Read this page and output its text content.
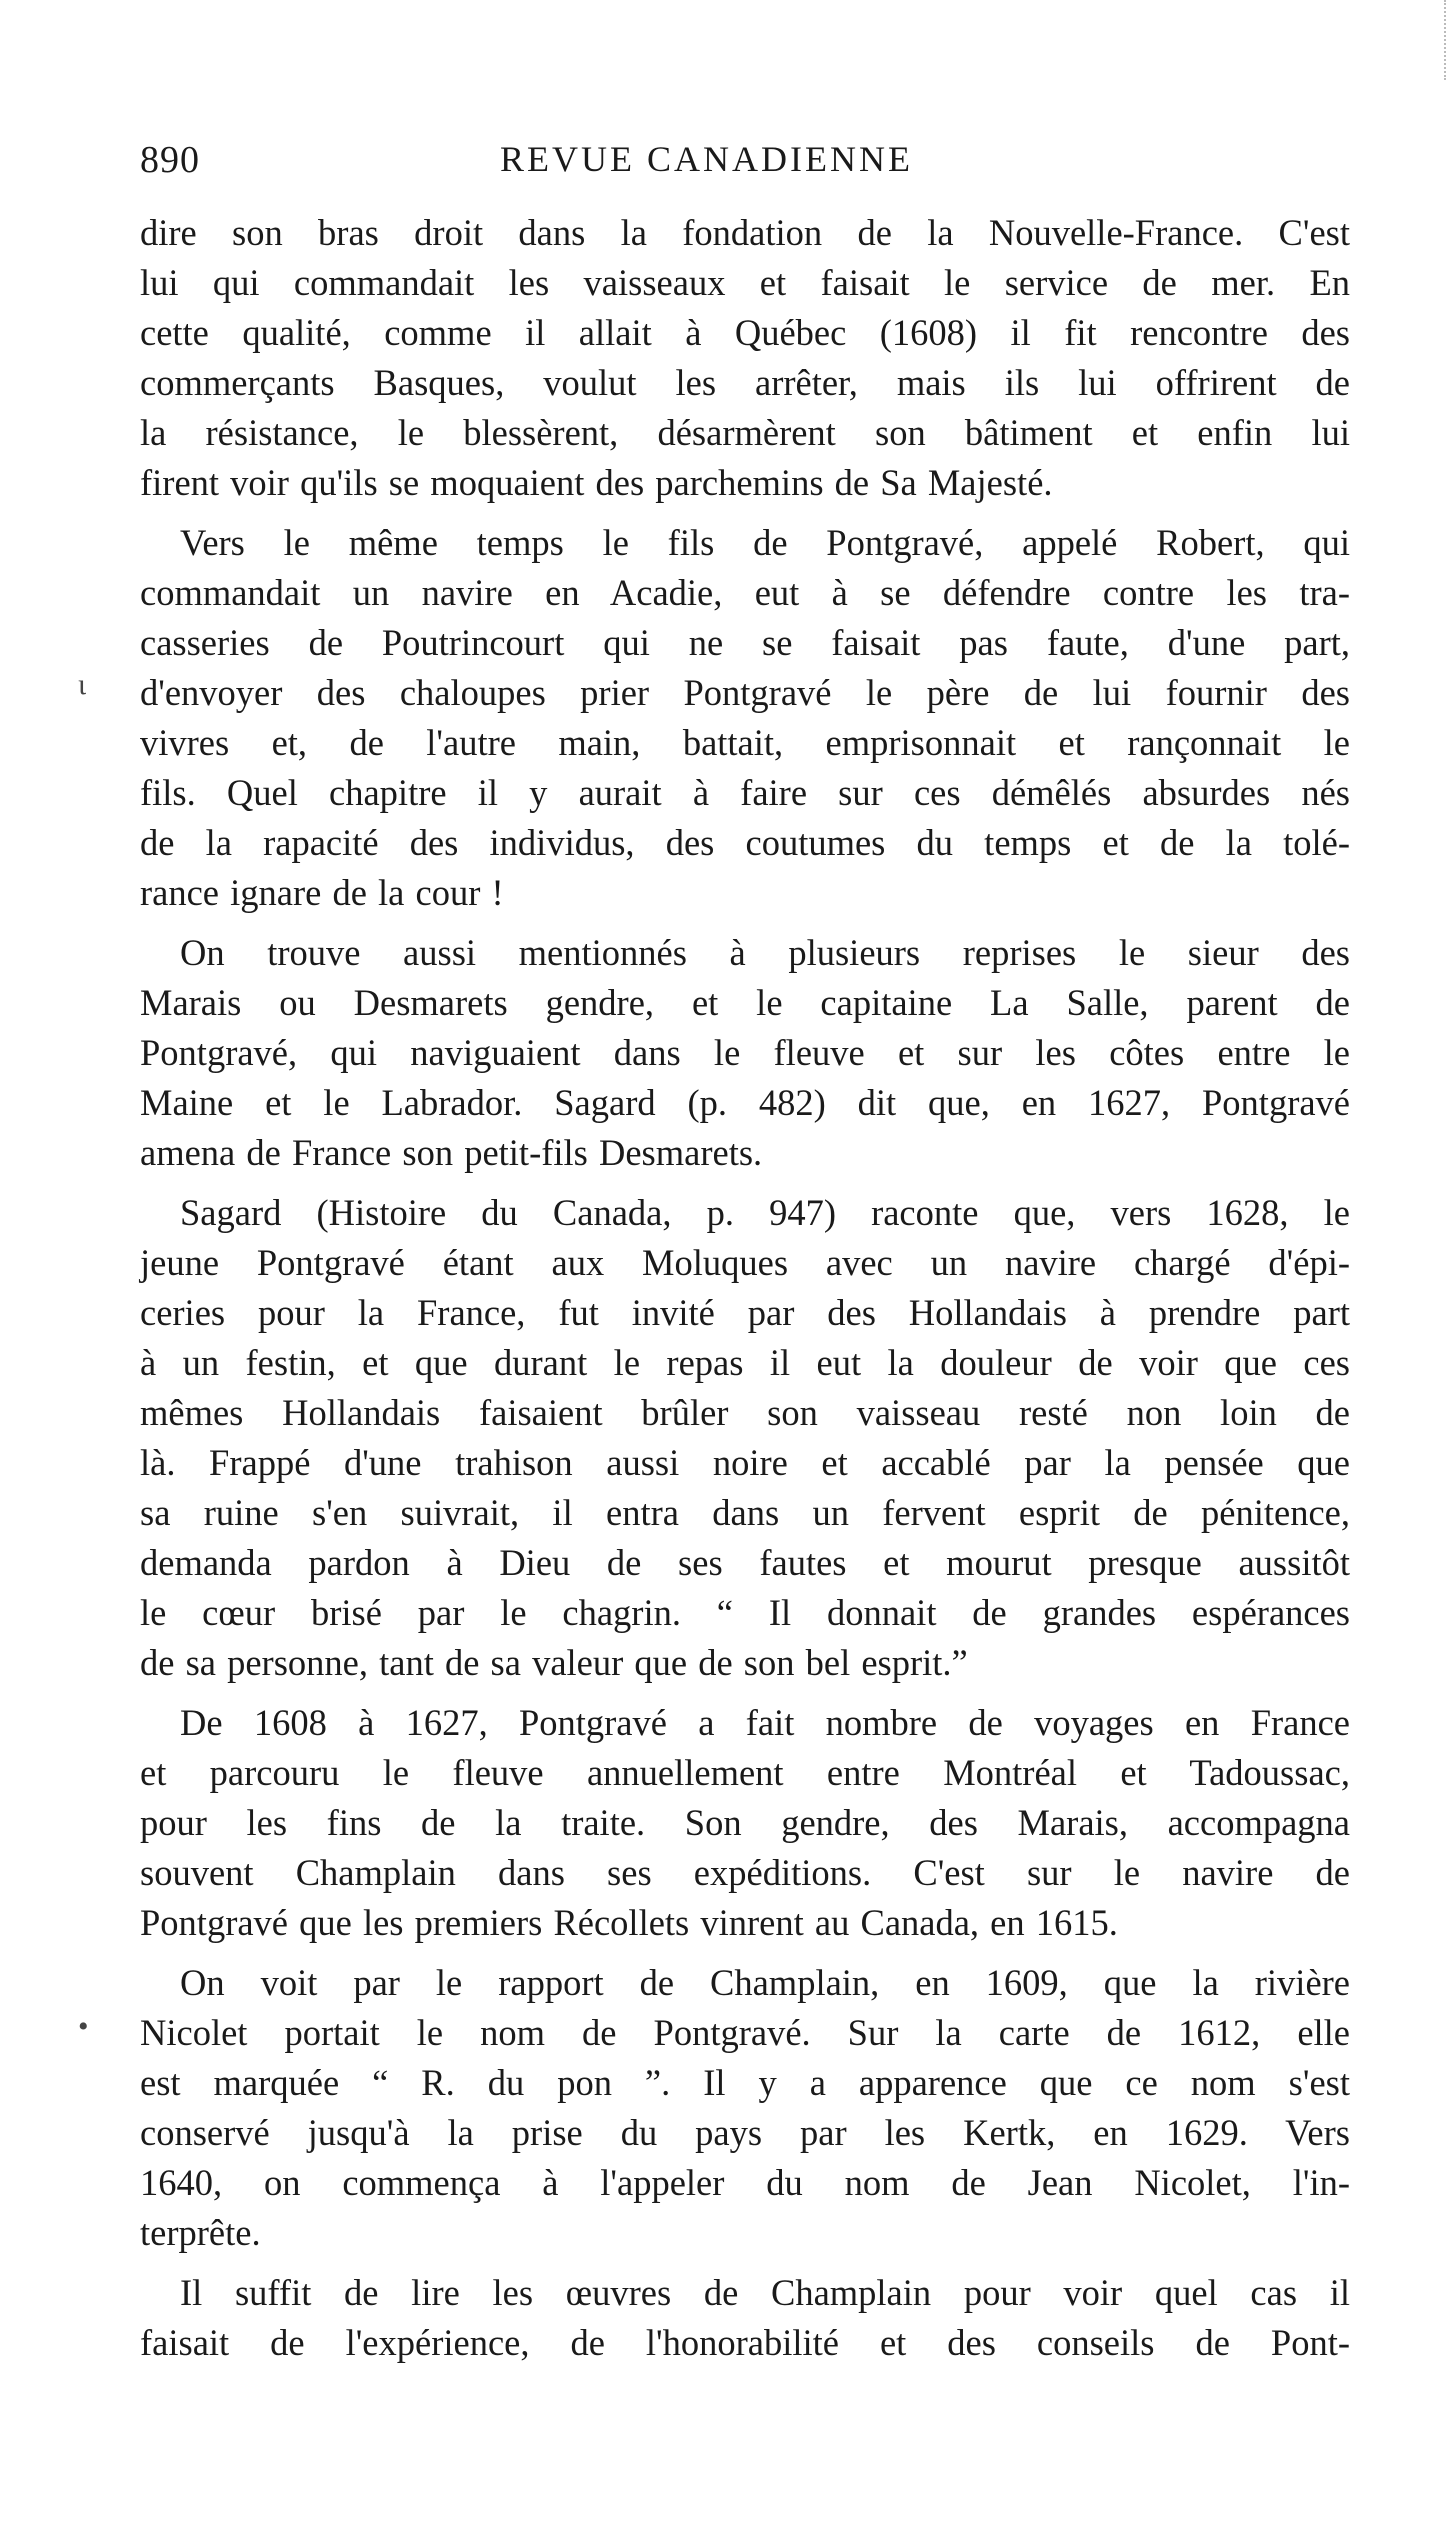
890	REVUE CANADIENNE
ι
•
dire son bras droit dans la fondation de la Nouvelle-France. C'est
lui qui commandait les vaisseaux et faisait le service de mer. En
cette qualité, comme il allait à Québec (1608) il fit rencontre des
commerçants Basques, voulut les arrêter, mais ils lui offrirent de
la résistance, le blessèrent, désarmèrent son bâtiment et enfin lui
firent voir qu'ils se moquaient des parchemins de Sa Majesté.
Vers le même temps le fils de Pontgravé, appelé Robert, qui
commandait un navire en Acadie, eut à se défendre contre les tra-
casseries de Poutrincourt qui ne se faisait pas faute, d'une part,
d'envoyer des chaloupes prier Pontgravé le père de lui fournir des
vivres et, de l'autre main, battait, emprisonnait et rançonnait le
fils. Quel chapitre il y aurait à faire sur ces démêlés absurdes nés
de la rapacité des individus, des coutumes du temps et de la tolé-
rance ignare de la cour !
On trouve aussi mentionnés à plusieurs reprises le sieur des
Marais ou Desmarets gendre, et le capitaine La Salle, parent de
Pontgravé, qui naviguaient dans le fleuve et sur les côtes entre le
Maine et le Labrador. Sagard (p. 482) dit que, en 1627, Pontgravé
amena de France son petit-fils Desmarets.
Sagard (Histoire du Canada, p. 947) raconte que, vers 1628, le
jeune Pontgravé étant aux Moluques avec un navire chargé d'épi-
ceries pour la France, fut invité par des Hollandais à prendre part
à un festin, et que durant le repas il eut la douleur de voir que ces
mêmes Hollandais faisaient brûler son vaisseau resté non loin de
là. Frappé d'une trahison aussi noire et accablé par la pensée que
sa ruine s'en suivrait, il entra dans un fervent esprit de pénitence,
demanda pardon à Dieu de ses fautes et mourut presque aussitôt
le cœur brisé par le chagrin. “ Il donnait de grandes espérances
de sa personne, tant de sa valeur que de son bel esprit.”
De 1608 à 1627, Pontgravé a fait nombre de voyages en France
et parcouru le fleuve annuellement entre Montréal et Tadoussac,
pour les fins de la traite. Son gendre, des Marais, accompagna
souvent Champlain dans ses expéditions. C'est sur le navire de
Pontgravé que les premiers Récollets vinrent au Canada, en 1615.
On voit par le rapport de Champlain, en 1609, que la rivière
Nicolet portait le nom de Pontgravé. Sur la carte de 1612, elle
est marquée “ R. du pon ”. Il y a apparence que ce nom s'est
conservé jusqu'à la prise du pays par les Kertk, en 1629. Vers
1640, on commença à l'appeler du nom de Jean Nicolet, l'in-
terprête.
Il suffit de lire les œuvres de Champlain pour voir quel cas il
faisait de l'expérience, de l'honorabilité et des conseils de Pont-
